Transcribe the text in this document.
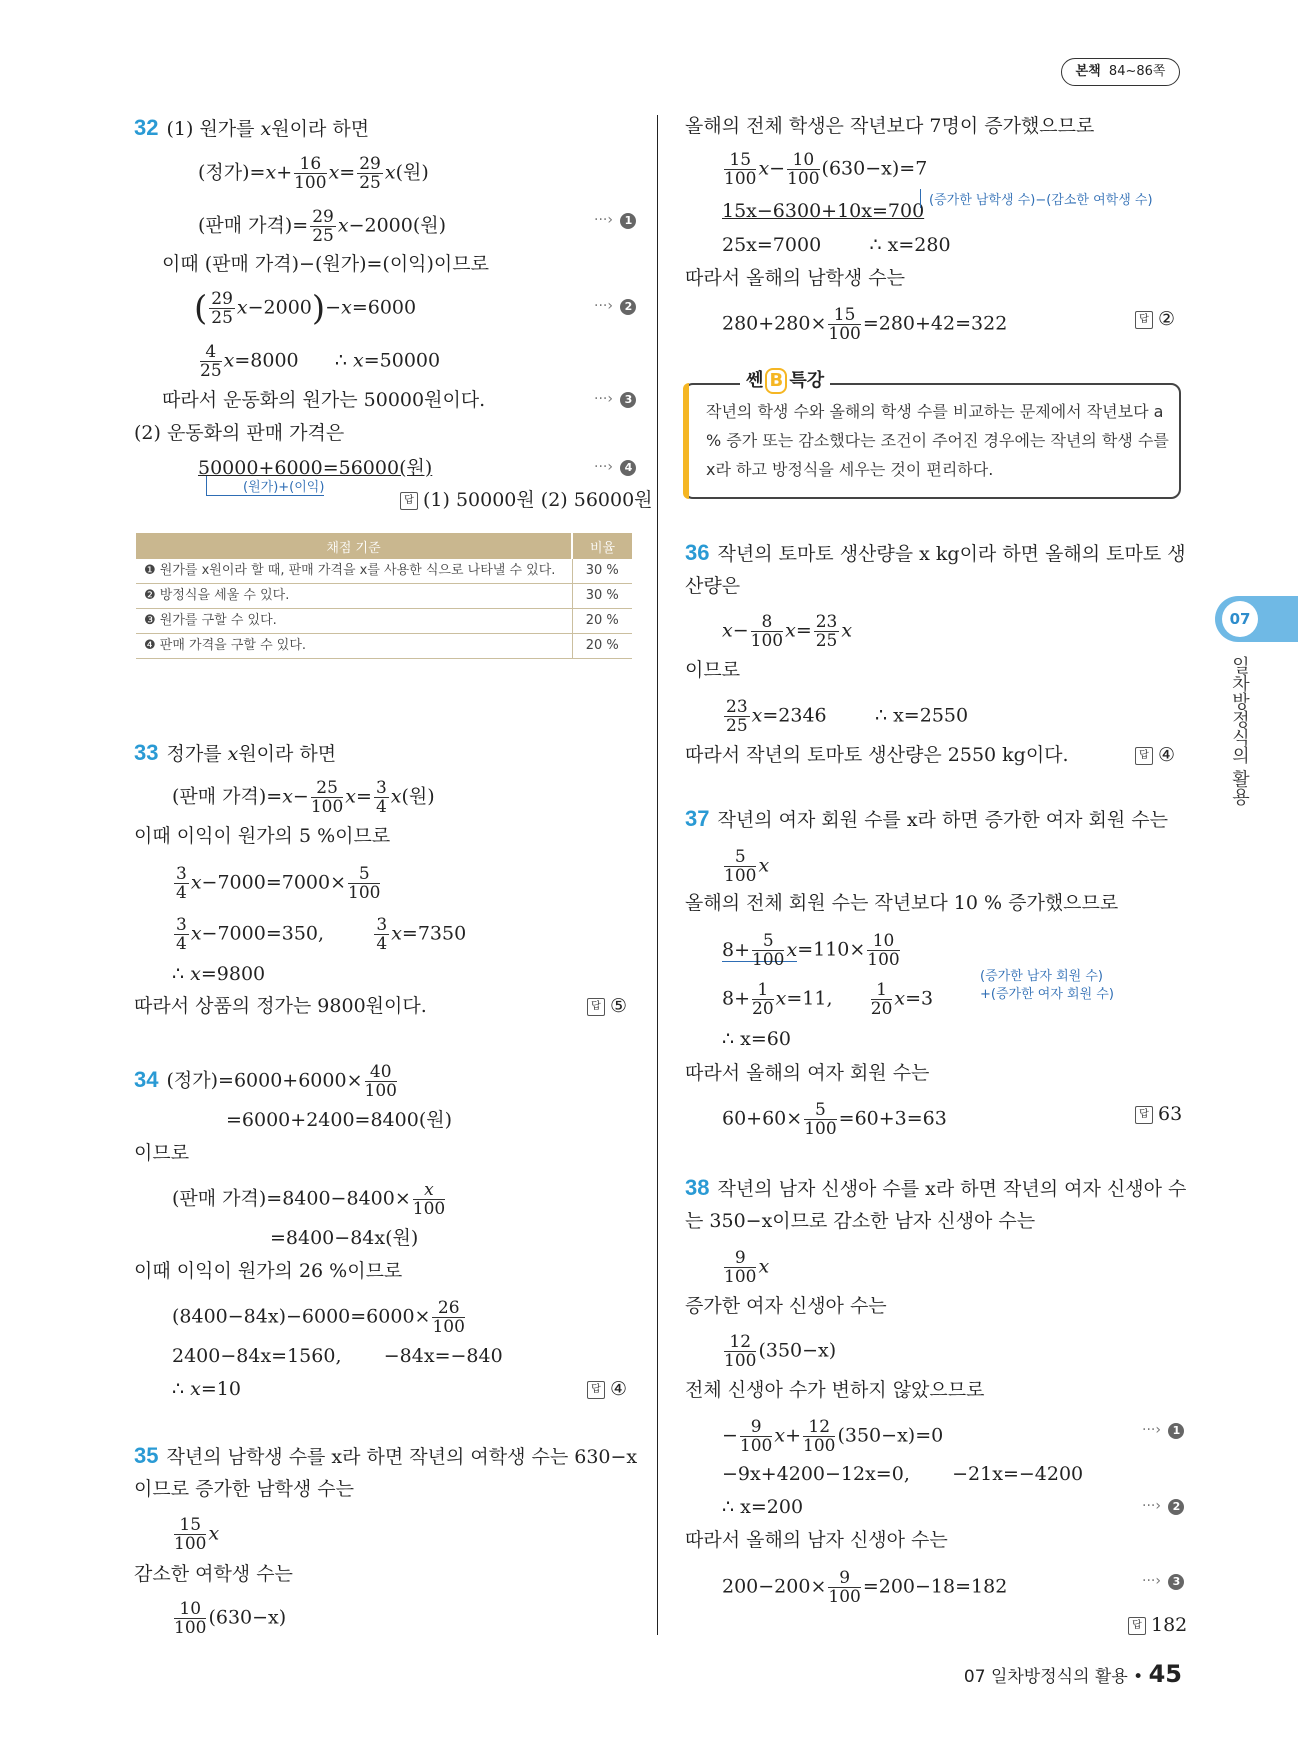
본책 84~86쪽
32 (1) 원가를 x원이라 하면
(정가)$=x+ \frac{16}{100} x= \frac{29}{25} x$(원)
(판매 가격)= $\frac{29}{25} x-2000$(원)	···› 1
이때 (판매 가격)−(원가)=(이익)이므로
( $\frac{29}{25} x-2000)-x=6000$	···› 2
$\frac{4}{25} x=8000$ ∴ x=50000
따라서 운동화의 원가는 50000원이다.	···› 3
(2) 운동화의 판매 가격은
50000+6000=56000(원)	···› 4
(원가)+(이익)
답 (1) 50000원 (2) 56000원
채점 기준	비율
❶ 원가를 x원이라 할 때, 판매 가격을 x를 사용한 식으로 나타낼 수 있다.	30 %
❷ 방정식을 세울 수 있다.	30 %
❸ 원가를 구할 수 있다.	20 %
❹ 판매 가격을 구할 수 있다.	20 %
33 정가를 x원이라 하면
(판매 가격)$=x- \frac{25}{100} x= \frac{3}{4} x$(원)
이때 이익이 원가의 5 %이므로
$\frac{3}{4} x-7000=7000\times \frac{5}{100}$
$\frac{3}{4} x-7000=350$,	$\frac{3}{4} x=7350$
∴ x=9800
따라서 상품의 정가는 9800원이다.	답 ⑤
34 (정가)$=6000+6000\times \frac{40}{100}$
=6000+2400=8400(원)
이므로
(판매 가격)$=8400-8400\times \frac{x}{100}$
=8400−84x(원)
이때 이익이 원가의 26 %이므로
$(8400-84x)-6000=6000\times \frac{26}{100}$
2400−84x=1560, −84x=−840
∴ x=10	답 ④
35 작년의 남학생 수를 x라 하면 작년의 여학생 수는 630−x
이므로 증가한 남학생 수는
$\frac{15}{100}$ x
감소한 여학생 수는
$\frac{10}{100} (630-x)$
올해의 전체 학생은 작년보다 7명이 증가했으므로
$\frac{15}{100} x- \frac{10}{100} (630-x)=7$
15x−6300+10x=700 (증가한 남학생 수)−(감소한 여학생 수)
25x=7000	∴ x=280
따라서 올해의 남학생 수는
$280+280\times \frac{15}{100} =280+42=322$	답 ②
쎈 B 특강
작년의 학생 수와 올해의 학생 수를 비교하는 문제에서 작년보다 a % 증가 또는 감소했다는 조건이 주어진 경우에는 작년의 학생 수를 x라 하고 방정식을 세우는 것이 편리하다.
36 작년의 토마토 생산량을 x kg이라 하면 올해의 토마토 생
산량은
$x- \frac{8}{100} x= \frac{23}{25}$ x
이므로
$\frac{23}{25} x=2346$	∴ x=2550
따라서 작년의 토마토 생산량은 2550 kg이다.	답 ④
37 작년의 여자 회원 수를 x라 하면 증가한 여자 회원 수는
$\frac{5}{100}$ x
올해의 전체 회원 수는 작년보다 10 % 증가했으므로
$8+ \frac{5}{100} x=110\times \frac{10}{100}$
(증가한 남자 회원 수)
+(증가한 여자 회원 수)
$8+ \frac{1}{20} x=11$, $\frac{1}{20} x=3$
∴ x=60
따라서 올해의 여자 회원 수는
$60+60\times \frac{5}{100} =60+3=63$	답 63
38 작년의 남자 신생아 수를 x라 하면 작년의 여자 신생아 수
는 350−x이므로 감소한 남자 신생아 수는
$\frac{9}{100}$ x
증가한 여자 신생아 수는
$\frac{12}{100} (350-x)$
전체 신생아 수가 변하지 않았으므로
− $\frac{9}{100} x+ \frac{12}{100} (350-x)=0$	···› 1
−9x+4200−12x=0, −21x=−4200
∴ x=200	···› 2
따라서 올해의 남자 신생아 수는
$200-200\times \frac{9}{100} =200-18=182$	···› 3
답 182
07
일차방정식의 활용
07 일차방정식의 활용 • 45
